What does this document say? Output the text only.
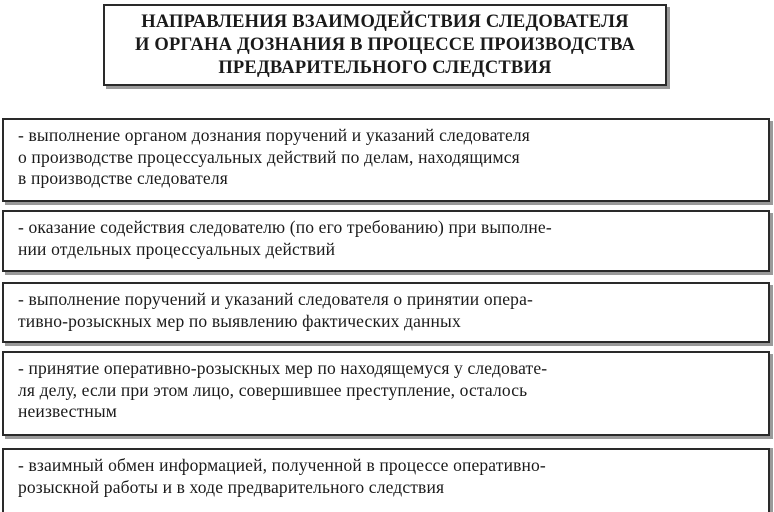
НАПРАВЛЕНИЯ ВЗАИМОДЕЙСТВИЯ СЛЕДОВАТЕЛЯ
И ОРГАНА ДОЗНАНИЯ В ПРОЦЕССЕ ПРОИЗВОДСТВА
ПРЕДВАРИТЕЛЬНОГО СЛЕДСТВИЯ
- выполнение органом дознания поручений и указаний следователя
о производстве процессуальных действий по делам, находящимся
в производстве следователя
- оказание содействия следователю (по его требованию) при выполне-
нии отдельных процессуальных действий
- выполнение поручений и указаний следователя о принятии опера-
тивно-розыскных мер по выявлению фактических данных
- принятие оперативно-розыскных мер по находящемуся у следовате-
ля делу, если при этом лицо, совершившее преступление, осталось
неизвестным
- взаимный обмен информацией, полученной в процессе оперативно-
розыскной работы и в ходе предварительного следствия
